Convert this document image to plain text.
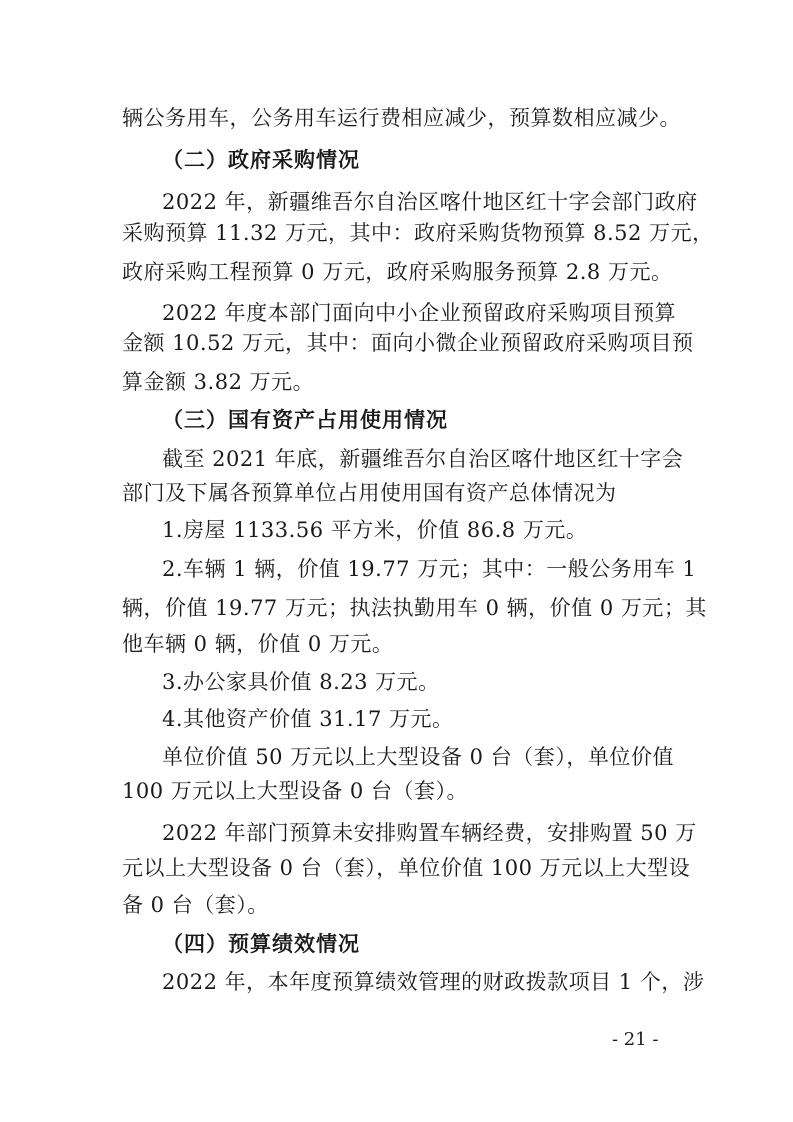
辆公务用车，公务用车运行费相应减少，预算数相应减少。
（二）政府采购情况
2022 年，新疆维吾尔自治区喀什地区红十字会部门政府
采购预算 11.32 万元，其中：政府采购货物预算 8.52 万元，
政府采购工程预算 0 万元，政府采购服务预算 2.8 万元。
2022 年度本部门面向中小企业预留政府采购项目预算
金额 10.52 万元，其中：面向小微企业预留政府采购项目预
算金额 3.82 万元。
（三）国有资产占用使用情况
截至 2021 年底，新疆维吾尔自治区喀什地区红十字会
部门及下属各预算单位占用使用国有资产总体情况为
1.房屋 1133.56 平方米，价值 86.8 万元。
2.车辆 1 辆，价值 19.77 万元；其中：一般公务用车 1
辆，价值 19.77 万元；执法执勤用车 0 辆，价值 0 万元；其
他车辆 0 辆，价值 0 万元。
3.办公家具价值 8.23 万元。
4.其他资产价值 31.17 万元。
单位价值 50 万元以上大型设备 0 台（套），单位价值
100 万元以上大型设备 0 台（套）。
2022 年部门预算未安排购置车辆经费，安排购置 50 万
元以上大型设备 0 台（套），单位价值 100 万元以上大型设
备 0 台（套）。
（四）预算绩效情况
2022 年，本年度预算绩效管理的财政拨款项目 1 个，涉
- 21 -
